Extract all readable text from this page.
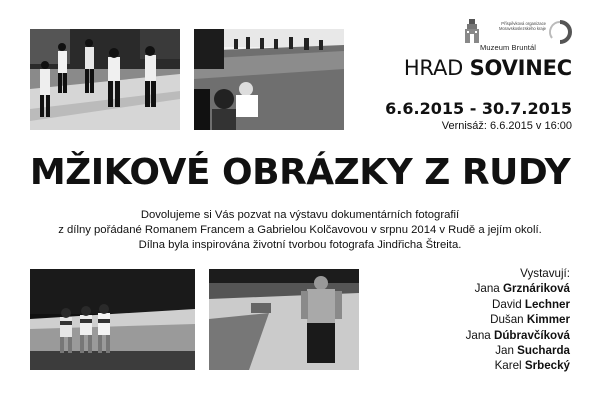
Příspěvková organizace Moravskoslezského kraje
Muzeum Bruntál
HRAD SOVINEC
6.6.2015 - 30.7.2015
Vernisáž: 6.6.2015 v 16:00
MŽIKOVÉ OBRÁZKY Z RUDY
Dovolujeme si Vás pozvat na výstavu dokumentárních fotografií
z dílny pořádané Romanem Francem a Gabrielou Kolčavovou v srpnu 2014 v Rudě a jejím okolí.
Dílna byla inspirována životní tvorbou fotografa Jindřicha Štreita.
Vystavují:
Jana Grznáriková
David Lechner
Dušan Kimmer
Jana Dúbravčíková
Jan Sucharda
Karel Srbecký
